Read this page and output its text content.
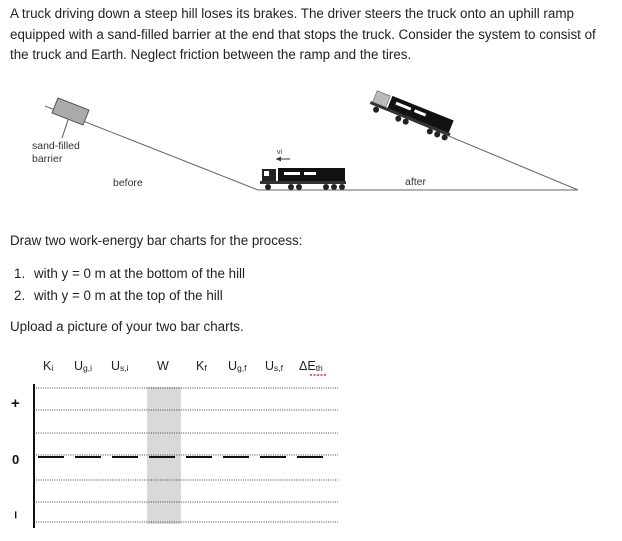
A truck driving down a steep hill loses its brakes. The driver steers the truck onto an uphill ramp equipped with a sand-filled barrier at the end that stops the truck. Consider the system to consist of the truck and Earth. Neglect friction between the ramp and the tires.

sand-filled
barrier
vi
before	after

Draw two work-energy bar charts for the process:

1. with y = 0 m at the bottom of the hill
2. with y = 0 m at the top of the hill

Upload a picture of your two bar charts.

Ki Ug,i Us,i W Kf Ug,f Us,f ΔEth
+
0
–
